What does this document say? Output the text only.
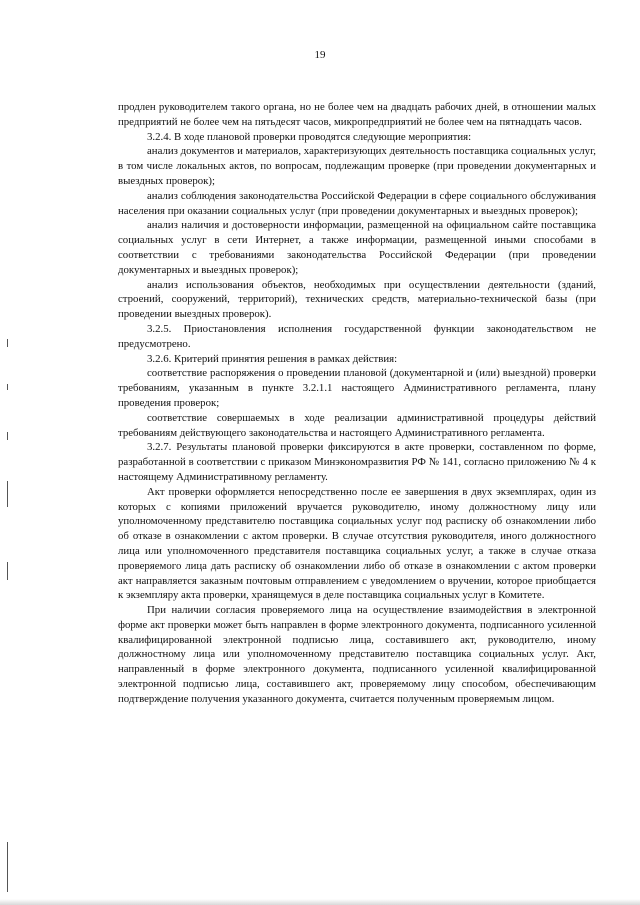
19

продлен руководителем такого органа, но не более чем на двадцать рабочих дней, в отношении малых предприятий не более чем на пятьдесят часов, микропредприятий не более чем на пятнадцать часов.

3.2.4. В ходе плановой проверки проводятся следующие мероприятия:

анализ документов и материалов, характеризующих деятельность поставщика социальных услуг, в том числе локальных актов, по вопросам, подлежащим проверке (при проведении документарных и выездных проверок);

анализ соблюдения законодательства Российской Федерации в сфере социального обслуживания населения при оказании социальных услуг (при проведении документарных и выездных проверок);

анализ наличия и достоверности информации, размещенной на официальном сайте поставщика социальных услуг в сети Интернет, а также информации, размещенной иными способами в соответствии с требованиями законодательства Российской Федерации (при проведении документарных и выездных проверок);

анализ использования объектов, необходимых при осуществлении деятельности (зданий, строений, сооружений, территорий), технических средств, материально-технической базы (при проведении выездных проверок).

3.2.5. Приостановления исполнения государственной функции законодательством не предусмотрено.

3.2.6. Критерий принятия решения в рамках действия:

соответствие распоряжения о проведении плановой (документарной и (или) выездной) проверки требованиям, указанным в пункте 3.2.1.1 настоящего Административного регламента, плану проведения проверок;

соответствие совершаемых в ходе реализации административной процедуры действий требованиям действующего законодательства и настоящего Административного регламента.

3.2.7. Результаты плановой проверки фиксируются в акте проверки, составленном по форме, разработанной в соответствии с приказом Минэкономразвития РФ № 141, согласно приложению № 4 к настоящему Административному регламенту.

Акт проверки оформляется непосредственно после ее завершения в двух экземплярах, один из которых с копиями приложений вручается руководителю, иному должностному лицу или уполномоченному представителю поставщика социальных услуг под расписку об ознакомлении либо об отказе в ознакомлении с актом проверки. В случае отсутствия руководителя, иного должностного лица или уполномоченного представителя поставщика социальных услуг, а также в случае отказа проверяемого лица дать расписку об ознакомлении либо об отказе в ознакомлении с актом проверки акт направляется заказным почтовым отправлением с уведомлением о вручении, которое приобщается к экземпляру акта проверки, хранящемуся в деле поставщика социальных услуг в Комитете.

При наличии согласия проверяемого лица на осуществление взаимодействия в электронной форме акт проверки может быть направлен в форме электронного документа, подписанного усиленной квалифицированной электронной подписью лица, составившего акт, руководителю, иному должностному лица или уполномоченному представителю поставщика социальных услуг. Акт, направленный в форме электронного документа, подписанного усиленной квалифицированной электронной подписью лица, составившего акт, проверяемому лицу способом, обеспечивающим подтверждение получения указанного документа, считается полученным проверяемым лицом.
